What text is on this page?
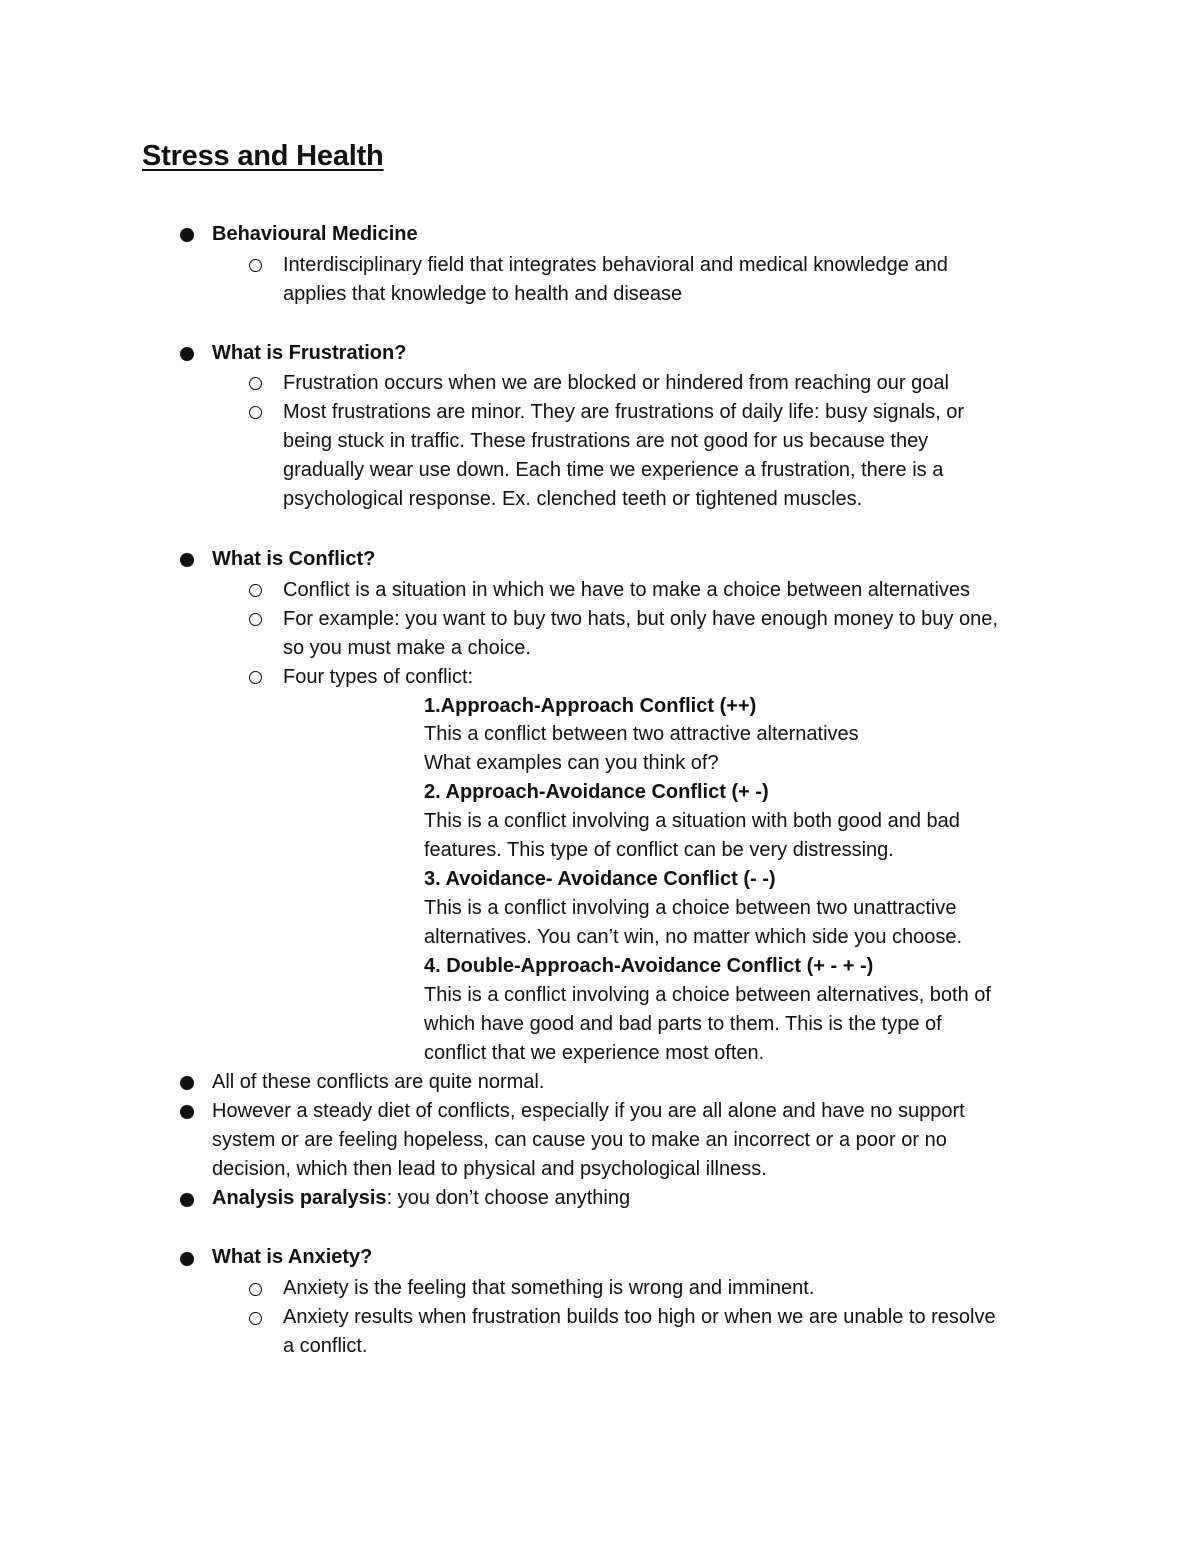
Stress and Health
Behavioural Medicine
Interdisciplinary field that integrates behavioral and medical knowledge and
applies that knowledge to health and disease
What is Frustration?
Frustration occurs when we are blocked or hindered from reaching our goal
Most frustrations are minor. They are frustrations of daily life: busy signals, or
being stuck in traffic. These frustrations are not good for us because they
gradually wear use down. Each time we experience a frustration, there is a
psychological response. Ex. clenched teeth or tightened muscles.
What is Conflict?
Conflict is a situation in which we have to make a choice between alternatives
For example: you want to buy two hats, but only have enough money to buy one,
so you must make a choice.
Four types of conflict:
1.Approach-Approach Conflict (++)
This a conflict between two attractive alternatives
What examples can you think of?
2. Approach-Avoidance Conflict (+ -)
This is a conflict involving a situation with both good and bad
features. This type of conflict can be very distressing.
3. Avoidance- Avoidance Conflict (- -)
This is a conflict involving a choice between two unattractive
alternatives. You can’t win, no matter which side you choose.
4. Double-Approach-Avoidance Conflict (+ - + -)
This is a conflict involving a choice between alternatives, both of
which have good and bad parts to them. This is the type of
conflict that we experience most often.
All of these conflicts are quite normal.
However a steady diet of conflicts, especially if you are all alone and have no support
system or are feeling hopeless, can cause you to make an incorrect or a poor or no
decision, which then lead to physical and psychological illness.
Analysis paralysis: you don’t choose anything
What is Anxiety?
Anxiety is the feeling that something is wrong and imminent.
Anxiety results when frustration builds too high or when we are unable to resolve
a conflict.
